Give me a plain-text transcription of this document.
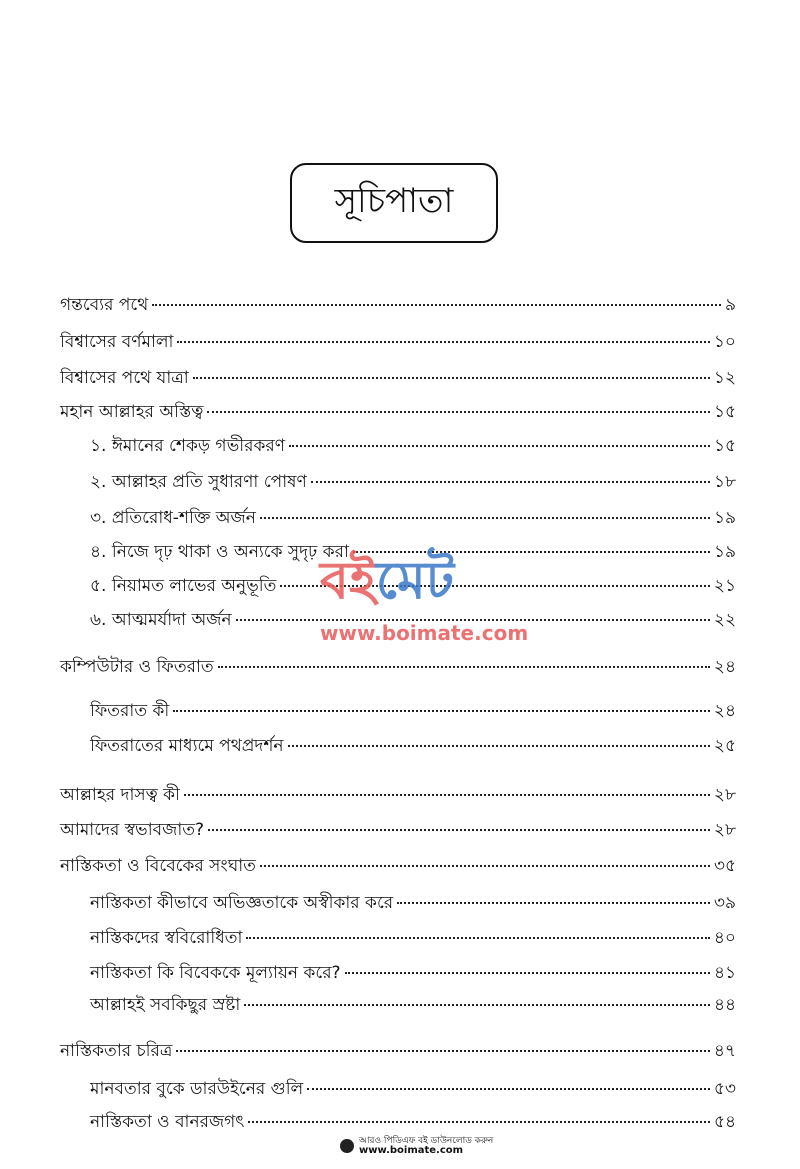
সূচিপাতা
গন্তব্যের পথে	৯
বিশ্বাসের বর্ণমালা	১০
বিশ্বাসের পথে যাত্রা	১২
মহান আল্লাহর অস্তিত্ব	১৫
১. ঈমানের শেকড় গভীরকরণ	১৫
২. আল্লাহর প্রতি সুধারণা পোষণ	১৮
৩. প্রতিরোধ-শক্তি অর্জন	১৯
৪. নিজে দৃঢ় থাকা ও অন্যকে সুদৃঢ় করা	১৯
৫. নিয়ামত লাভের অনুভূতি	২১
৬. আত্মমর্যাদা অর্জন	২২
কম্পিউটার ও ফিতরাত	২৪
ফিতরাত কী	২৪
ফিতরাতের মাধ্যমে পথপ্রদর্শন	২৫
আল্লাহর দাসত্ব কী	২৮
আমাদের স্বভাবজাত?	২৮
নাস্তিকতা ও বিবেকের সংঘাত	৩৫
নাস্তিকতা কীভাবে অভিজ্ঞতাকে অস্বীকার করে	৩৯
নাস্তিকদের স্ববিরোধিতা	৪০
নাস্তিকতা কি বিবেককে মূল্যায়ন করে?	৪১
আল্লাহই সবকিছুর স্রষ্টা	৪৪
নাস্তিকতার চরিত্র	৪৭
মানবতার বুকে ডারউইনের গুলি	৫৩
নাস্তিকতা ও বানরজগৎ	৫৪
বইমেট
www.boimate.com
আরও পিডিএফ বই ডাউনলোড করুন
www.boimate.com
